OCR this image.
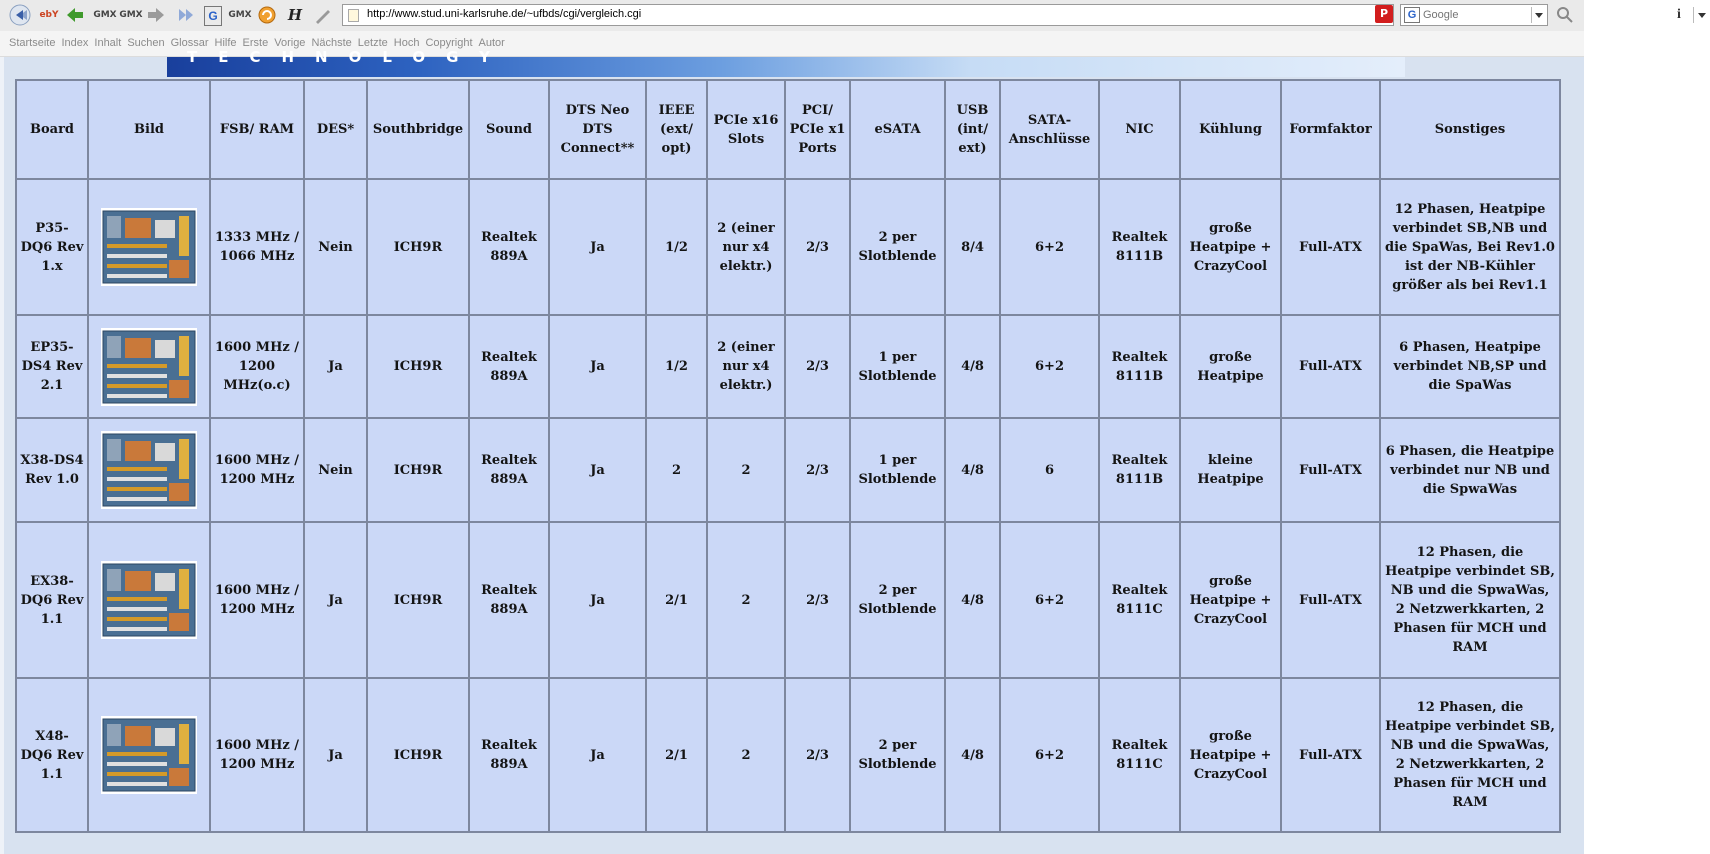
ebY	GMX GMX	G	GMX H	http://www.stud.uni-karlsruhe.de/~ufbds/cgi/vergleich.cgi	i
P	G
Google
Startseite Index Inhalt Suchen Glossar Hilfe Erste Vorige Nächste Letzte Hoch Copyright Autor
TECHNOLOGY
Board	Bild	FSB/ RAM	DES*	Southbridge	Sound	DTS Neo DTS Connect**	IEEE (ext/ opt)	PCIe x16 Slots	PCI/ PCIe x1 Ports	eSATA	USB (int/ ext)	SATA-Anschlüsse	NIC	Kühlung	Formfaktor	Sonstiges
P35-DQ6 Rev 1.x		1333 MHz / 1066 MHz	Nein	ICH9R	Realtek 889A	Ja	1/2	2 (einer nur x4 elektr.)	2/3	2 per Slotblende	8/4	6+2	Realtek 8111B	große Heatpipe + CrazyCool	Full-ATX	12 Phasen, Heatpipe verbindet SB,NB und die SpaWas, Bei Rev1.0 ist der NB-Kühler größer als bei Rev1.1
EP35-DS4 Rev 2.1		1600 MHz / 1200 MHz(o.c)	Ja	ICH9R	Realtek 889A	Ja	1/2	2 (einer nur x4 elektr.)	2/3	1 per Slotblende	4/8	6+2	Realtek 8111B	große Heatpipe	Full-ATX	6 Phasen, Heatpipe verbindet NB,SP und die SpaWas
X38-DS4 Rev 1.0		1600 MHz / 1200 MHz	Nein	ICH9R	Realtek 889A	Ja	2	2	2/3	1 per Slotblende	4/8	6	Realtek 8111B	kleine Heatpipe	Full-ATX	6 Phasen, die Heatpipe verbindet nur NB und die SpwaWas
EX38-DQ6 Rev 1.1		1600 MHz / 1200 MHz	Ja	ICH9R	Realtek 889A	Ja	2/1	2	2/3	2 per Slotblende	4/8	6+2	Realtek 8111C	große Heatpipe + CrazyCool	Full-ATX	12 Phasen, die Heatpipe verbindet SB, NB und die SpwaWas, 2 Netzwerkkarten, 2 Phasen für MCH und RAM
X48-DQ6 Rev 1.1		1600 MHz / 1200 MHz	Ja	ICH9R	Realtek 889A	Ja	2/1	2	2/3	2 per Slotblende	4/8	6+2	Realtek 8111C	große Heatpipe + CrazyCool	Full-ATX	12 Phasen, die Heatpipe verbindet SB, NB und die SpwaWas, 2 Netzwerkkarten, 2 Phasen für MCH und RAM
